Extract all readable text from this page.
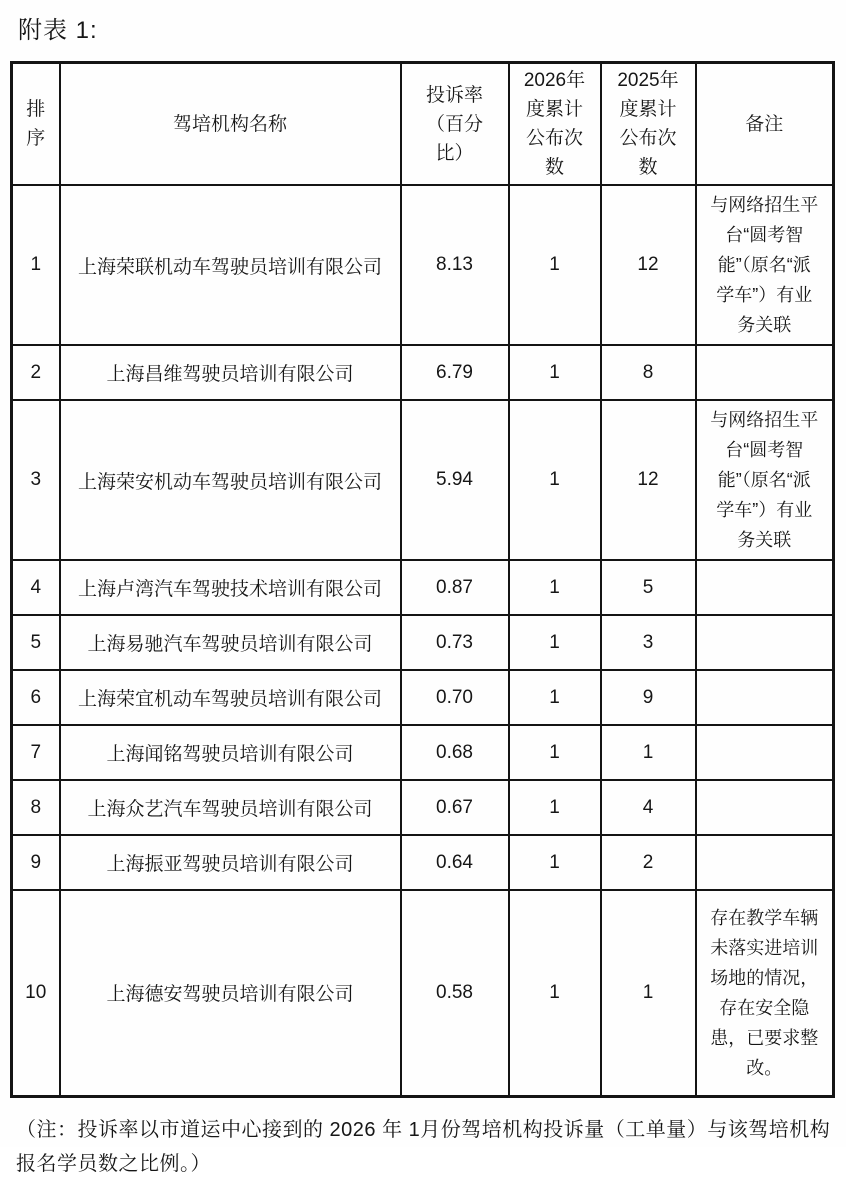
附表 1:
排序	驾培机构名称	投诉率（百分比）	2026年度累计公布次数	2025年度累计公布次数	备注
1	上海荣联机动车驾驶员培训有限公司	8.13	1	12	与网络招生平台“圆考智能”（原名“派学车”）有业务关联
2	上海昌维驾驶员培训有限公司	6.79	1	8	
3	上海荣安机动车驾驶员培训有限公司	5.94	1	12	与网络招生平台“圆考智能”（原名“派学车”）有业务关联
4	上海卢湾汽车驾驶技术培训有限公司	0.87	1	5	
5	上海易驰汽车驾驶员培训有限公司	0.73	1	3	
6	上海荣宜机动车驾驶员培训有限公司	0.70	1	9	
7	上海闻铭驾驶员培训有限公司	0.68	1	1	
8	上海众艺汽车驾驶员培训有限公司	0.67	1	4	
9	上海振亚驾驶员培训有限公司	0.64	1	2	
10	上海德安驾驶员培训有限公司	0.58	1	1	存在教学车辆未落实进培训场地的情况，存在安全隐患，已要求整改。

（注：投诉率以市道运中心接到的 2026 年 1月份驾培机构投诉量（工单量）与该驾培机构报名学员数之比例。）
